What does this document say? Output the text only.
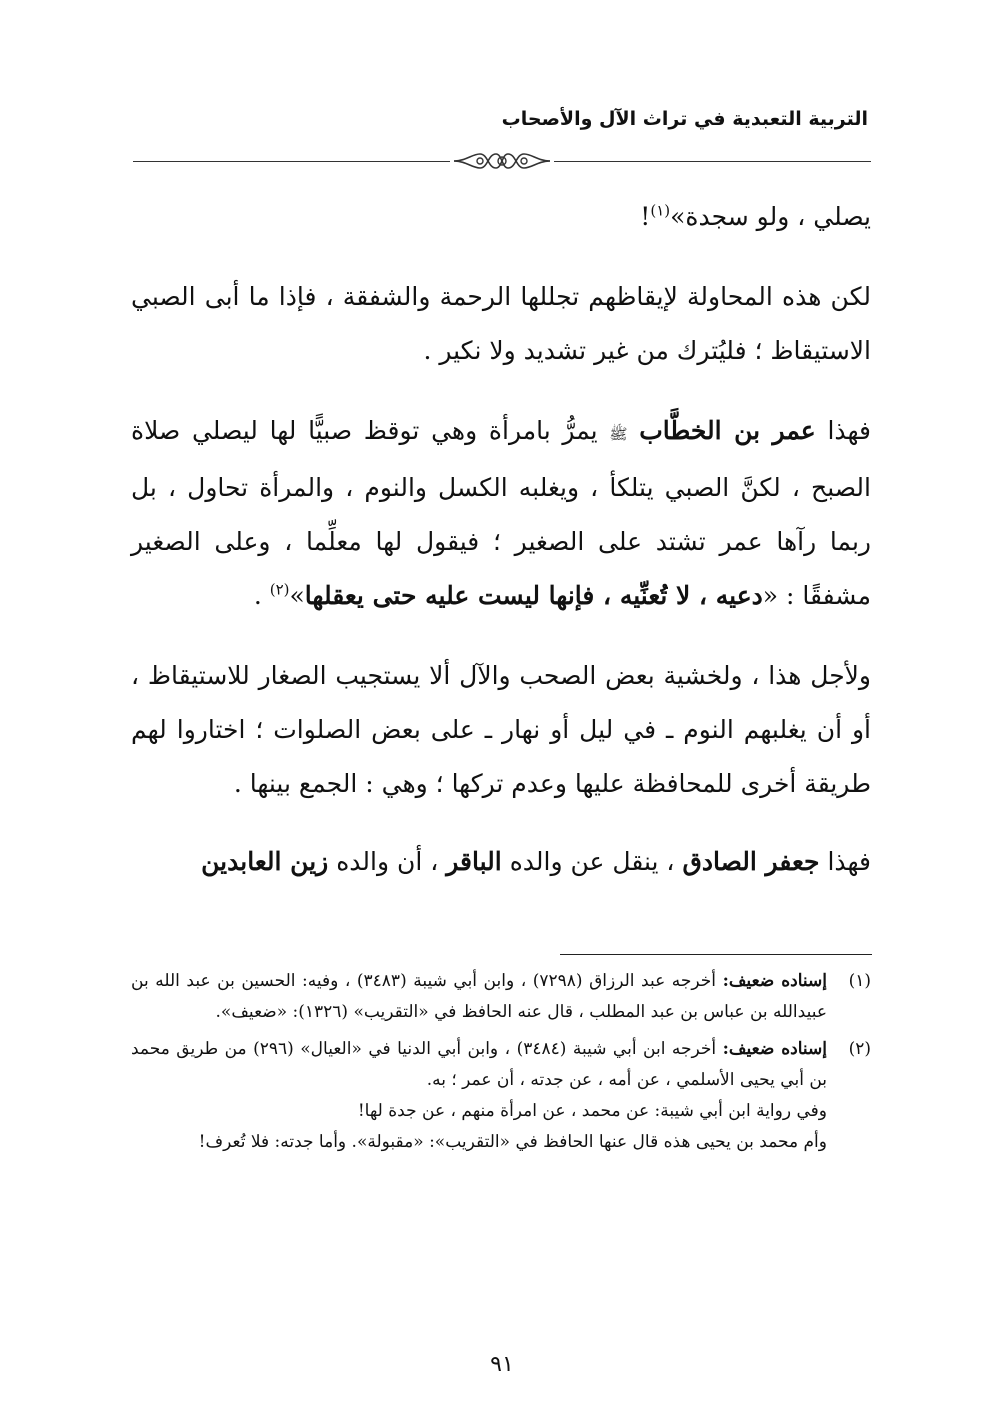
التربية التعبدية في تراث الآل والأصحاب

يصلي ، ولو سجدة»$^{(١)}$!

لكن هذه المحاولة لإيقاظهم تجللها الرحمة والشفقة ، فإذا ما أبى الصبي الاستيقاظ ؛ فليُترك من غير تشديد ولا نكير .

فهذا عمر بن الخطَّاب ﷺ يمرُّ بامرأة وهي توقظ صبيًّا لها ليصلي صلاة الصبح ، لكنَّ الصبي يتلكأ ، ويغلبه الكسل والنوم ، والمرأة تحاول ، بل ربما رآها عمر تشتد على الصغير ؛ فيقول لها معلِّما ، وعلى الصغير مشفقًا : «دعيه ، لا تُعنِّيه ، فإنها ليست عليه حتى يعقلها»$^{(٢)}$ .

ولأجل هذا ، ولخشية بعض الصحب والآل ألا يستجيب الصغار للاستيقاظ ، أو أن يغلبهم النوم ـ في ليل أو نهار ـ على بعض الصلوات ؛ اختاروا لهم طريقة أخرى للمحافظة عليها وعدم تركها ؛ وهي : الجمع بينها .

فهذا جعفر الصادق ، ينقل عن والده الباقر ، أن والده زين العابدين

(١)

إسناده ضعيف: أخرجه عبد الرزاق (٧٢٩٨) ، وابن أبي شيبة (٣٤٨٣) ، وفيه: الحسين بن عبد الله بن عبيدالله بن عباس بن عبد المطلب ، قال عنه الحافظ في «التقريب» (١٣٢٦): «ضعيف».

(٢)

إسناده ضعيف: أخرجه ابن أبي شيبة (٣٤٨٤) ، وابن أبي الدنيا في «العيال» (٢٩٦) من طريق محمد بن أبي يحيى الأسلمي ، عن أمه ، عن جدته ، أن عمر ؛ به.

وفي رواية ابن أبي شيبة: عن محمد ، عن امرأة منهم ، عن جدة لها!

وأم محمد بن يحيى هذه قال عنها الحافظ في «التقريب»: «مقبولة». وأما جدته: فلا تُعرف!

٩١
